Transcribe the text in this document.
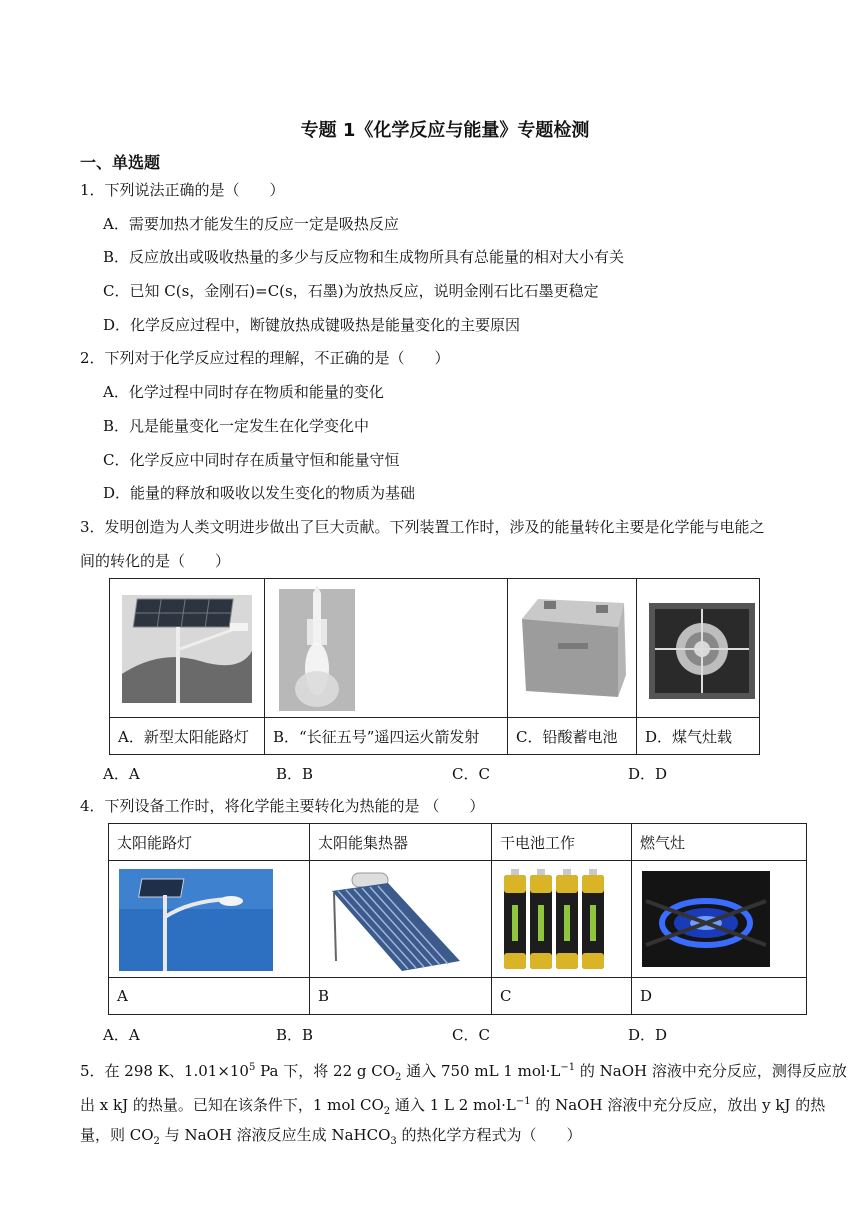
专题 1《化学反应与能量》专题检测
一、单选题
1．下列说法正确的是（　　）
A．需要加热才能发生的反应一定是吸热反应
B．反应放出或吸收热量的多少与反应物和生成物所具有总能量的相对大小有关
C．已知 C(s，金刚石)=C(s，石墨)为放热反应，说明金刚石比石墨更稳定
D．化学反应过程中，断键放热成键吸热是能量变化的主要原因
2．下列对于化学反应过程的理解，不正确的是（　　）
A．化学过程中同时存在物质和能量的变化
B．凡是能量变化一定发生在化学变化中
C．化学反应中同时存在质量守恒和能量守恒
D．能量的释放和吸收以发生变化的物质为基础
3．发明创造为人类文明进步做出了巨大贡献。下列装置工作时，涉及的能量转化主要是化学能与电能之
间的转化的是（　　）

A．新型太阳能路灯	B．“长征五号”遥四运火箭发射	C．铅酸蓄电池	D．煤气灶载
A．A	B．B	C．C	D．D
4．下列设备工作时，将化学能主要转化为热能的是 （　　）
太阳能路灯	太阳能集热器	干电池工作	燃气灶

A	B	C	D
A．A	B．B	C．C	D．D
5．在 298 K、$1.01\times 10^5$ Pa 下，将 22 g $CO_2$ 通入 750 mL 1 $mol\cdot L^{-1}$ 的 NaOH 溶液中充分反应，测得反应放
出 x kJ 的热量。已知在该条件下，1 mol $CO_2$ 通入 1 L 2 $mol\cdot L^{-1}$ 的 NaOH 溶液中充分反应，放出 y kJ 的热
量，则 $CO_2$ 与 NaOH 溶液反应生成 NaHCO$_3$ 的热化学方程式为（　　）
